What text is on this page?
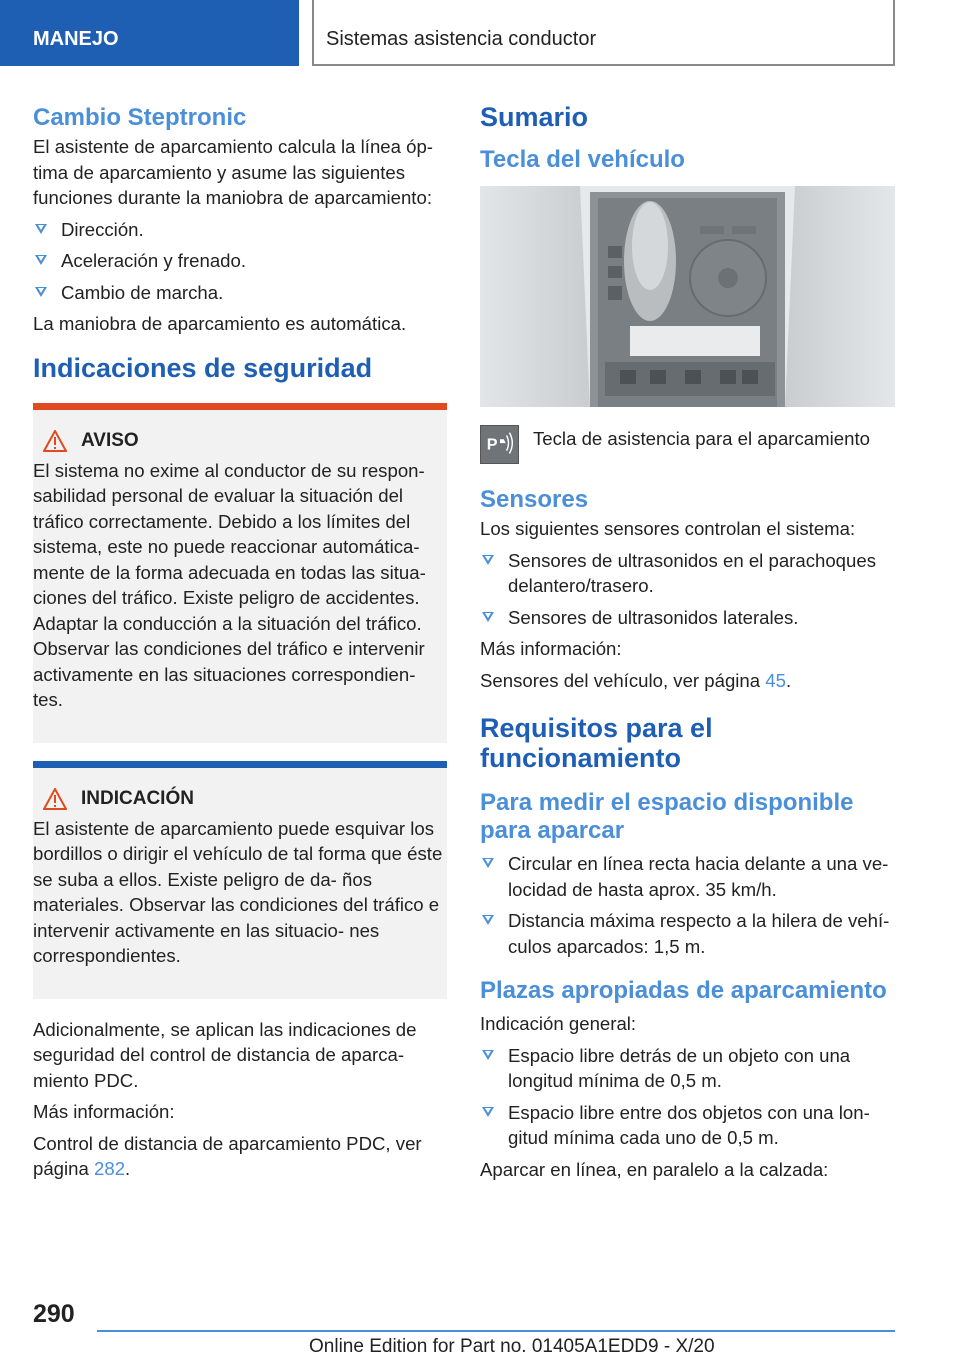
MANEJO	Sistemas asistencia conductor
Cambio Steptronic

El asistente de aparcamiento calcula la línea óp- tima de aparcamiento y asume las siguientes funciones durante la maniobra de aparcamiento:

Dirección.
Aceleración y frenado.
Cambio de marcha.

La maniobra de aparcamiento es automática.

Indicaciones de seguridad
AVISO

El sistema no exime al conductor de su respon- sabilidad personal de evaluar la situación del tráfico correctamente. Debido a los límites del sistema, este no puede reaccionar automática- mente de la forma adecuada en todas las situa- ciones del tráfico. Existe peligro de accidentes. Adaptar la conducción a la situación del tráfico. Observar las condiciones del tráfico e intervenir activamente en las situaciones correspondien- tes.

INDICACIÓN

El asistente de aparcamiento puede esquivar los bordillos o dirigir el vehículo de tal forma que éste se suba a ellos. Existe peligro de da- ños materiales. Observar las condiciones del tráfico e intervenir activamente en las situacio- nes correspondientes.

Adicionalmente, se aplican las indicaciones de seguridad del control de distancia de aparca- miento PDC.

Más información:

Control de distancia de aparcamiento PDC, ver página 282.

Sumario
Tecla del vehículo
P Tecla de asistencia para el aparcamiento
Sensores

Los siguientes sensores controlan el sistema:

Sensores de ultrasonidos en el parachoques delantero/trasero.
Sensores de ultrasonidos laterales.

Más información:

Sensores del vehículo, ver página 45.

Requisitos para el funcionamiento
Para medir el espacio disponible para aparcar
Circular en línea recta hacia delante a una ve- locidad de hasta aprox. 35 km/h.
Distancia máxima respecto a la hilera de vehí- culos aparcados: 1,5 m.
Plazas apropiadas de aparcamiento

Indicación general:

Espacio libre detrás de un objeto con una longitud mínima de 0,5 m.
Espacio libre entre dos objetos con una lon- gitud mínima cada uno de 0,5 m.

Aparcar en línea, en paralelo a la calzada:

290
Online Edition for Part no. 01405A1EDD9 - X/20
